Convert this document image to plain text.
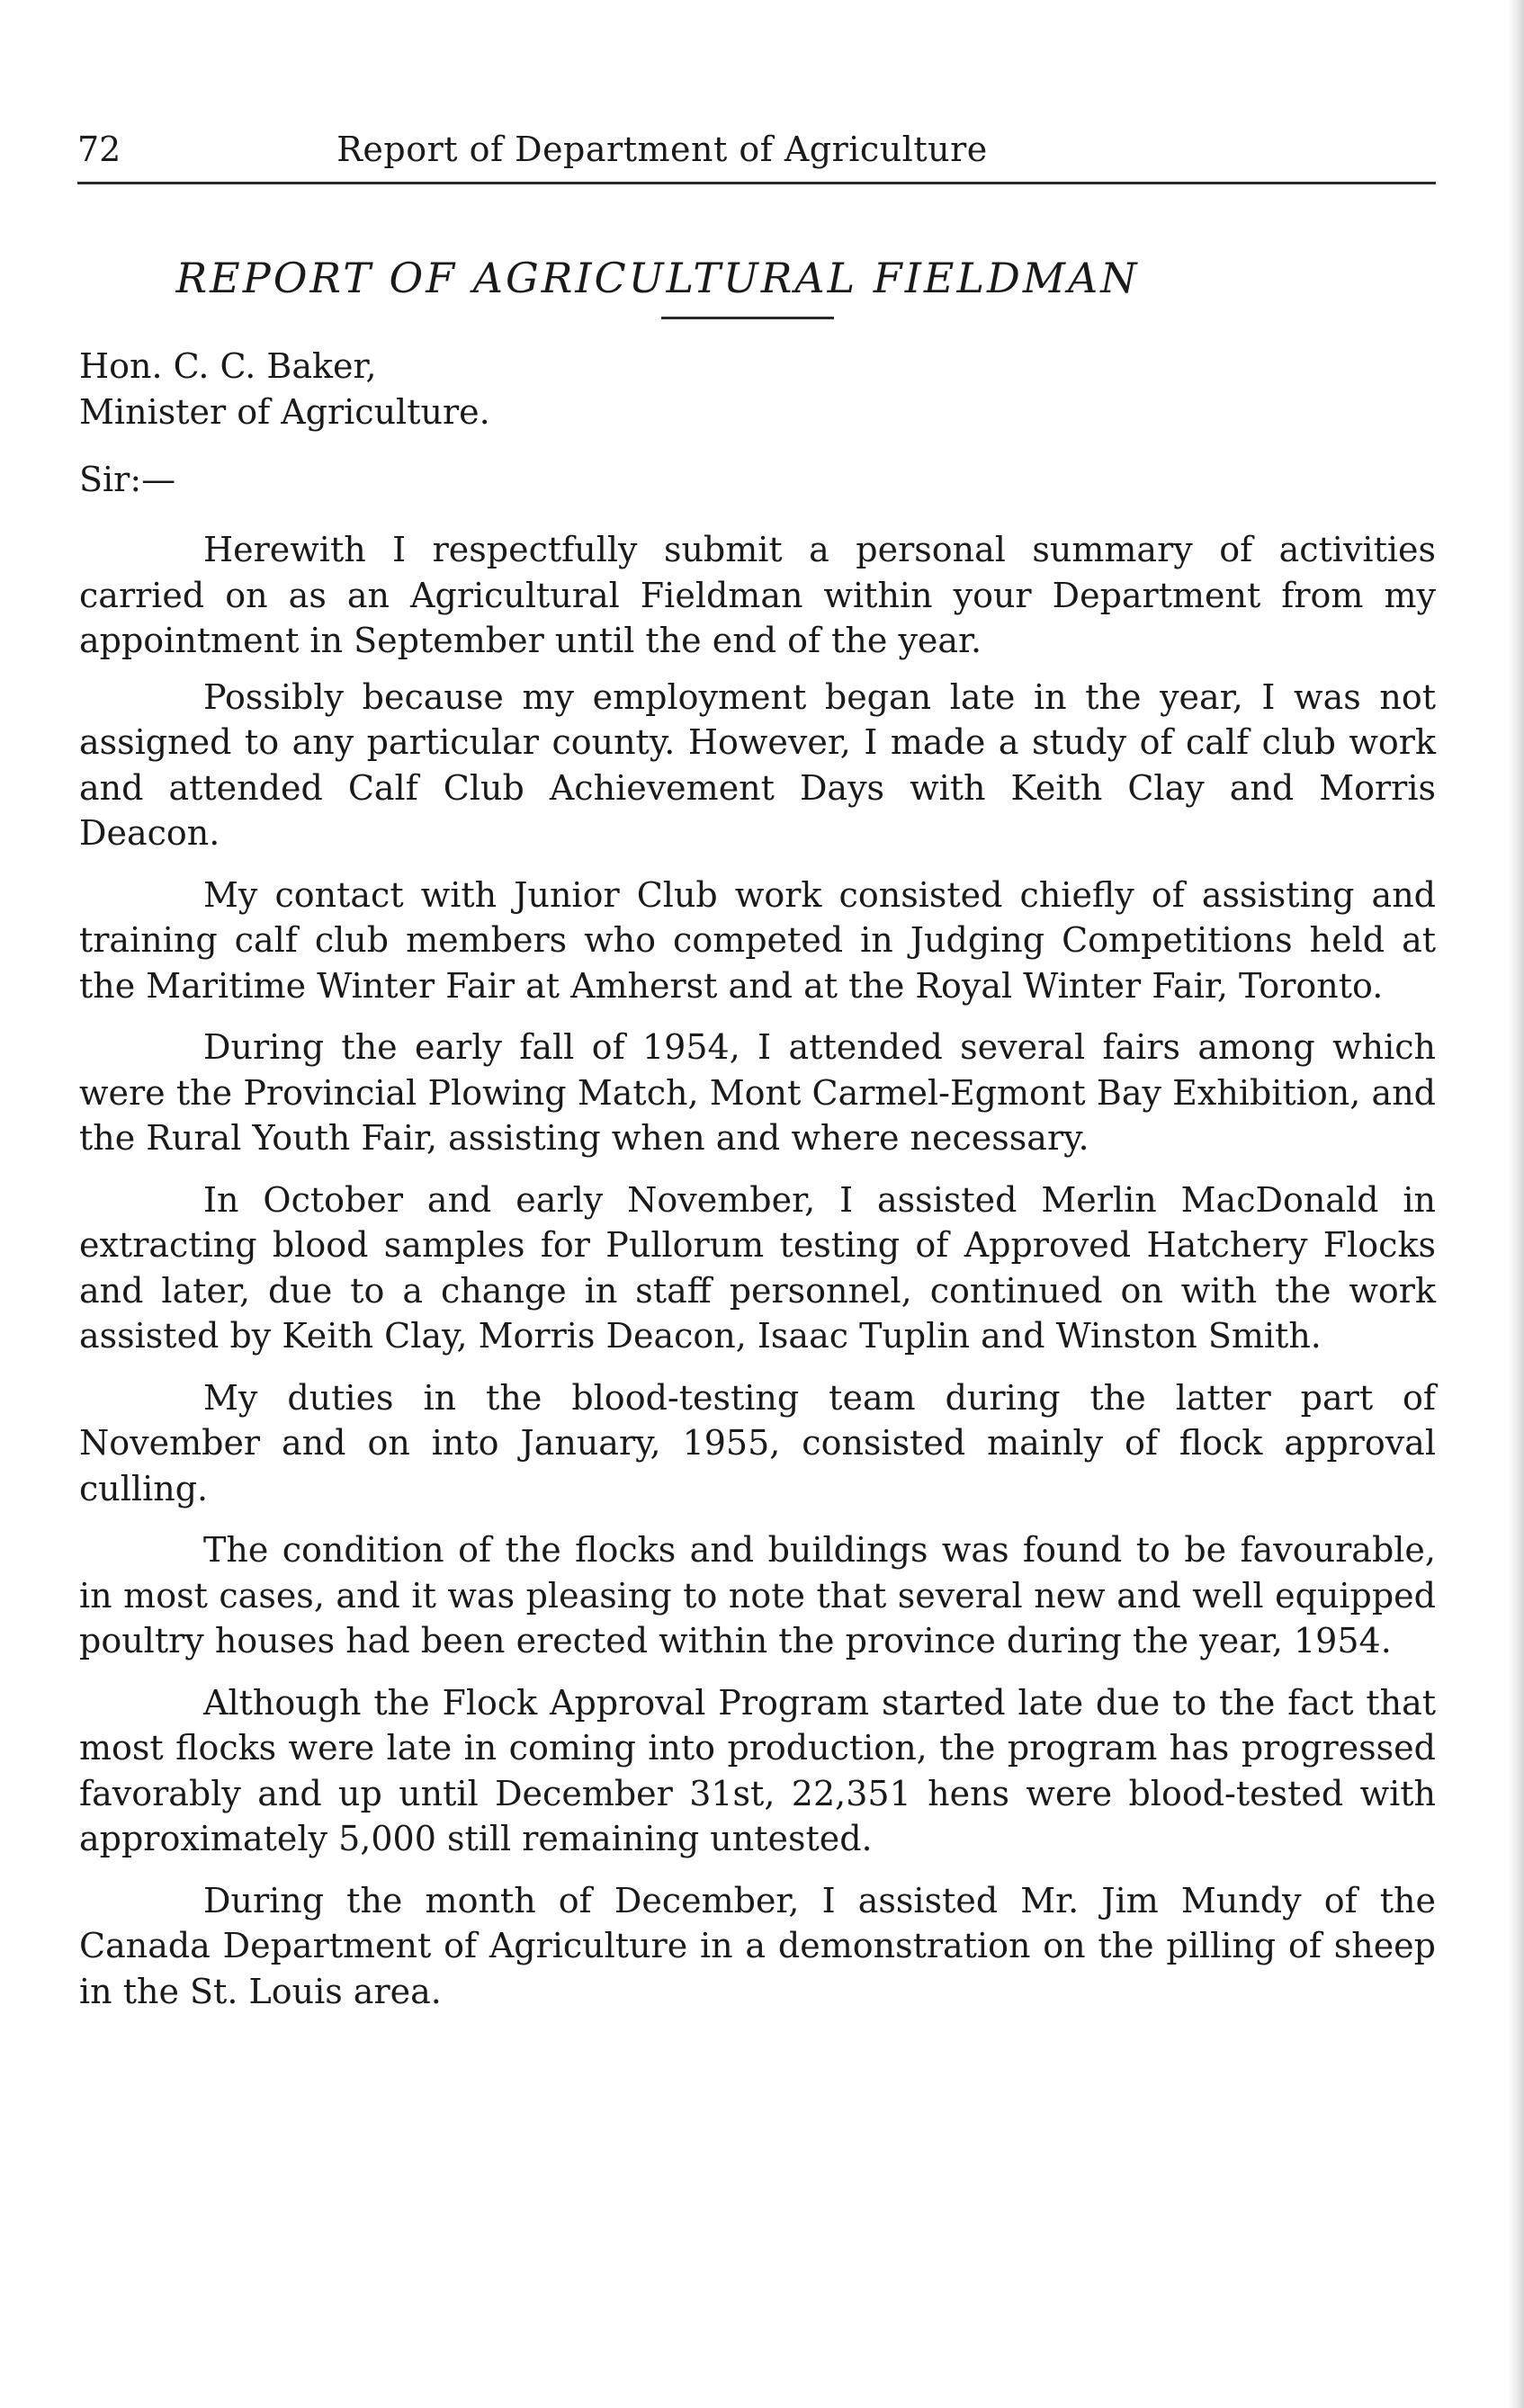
72	Report of Department of Agriculture
REPORT OF AGRICULTURAL FIELDMAN
Hon. C. C. Baker,
Minister of Agriculture.
Sir:—

Herewith I respectfully submit a personal summary of activities carried on as an Agricultural Fieldman within your Department from my appointment in September until the end of the year.

Possibly because my employment began late in the year, I was not assigned to any particular county. However, I made a study of calf club work and attended Calf Club Achievement Days with Keith Clay and Morris Deacon.

My contact with Junior Club work consisted chiefly of assisting and training calf club members who competed in Judging Competitions held at the Maritime Winter Fair at Amherst and at the Royal Winter Fair, Toronto.

During the early fall of 1954, I attended several fairs among which were the Provincial Plowing Match, Mont Carmel-Egmont Bay Exhibition, and the Rural Youth Fair, assisting when and where necessary.

In October and early November, I assisted Merlin MacDonald in extracting blood samples for Pullorum testing of Approved Hatchery Flocks and later, due to a change in staff personnel, continued on with the work assisted by Keith Clay, Morris Deacon, Isaac Tuplin and Winston Smith.

My duties in the blood-testing team during the latter part of November and on into January, 1955, consisted mainly of flock approval culling.

The condition of the flocks and buildings was found to be favourable, in most cases, and it was pleasing to note that several new and well equipped poultry houses had been erected within the province during the year, 1954.

Although the Flock Approval Program started late due to the fact that most flocks were late in coming into production, the program has progressed favorably and up until December 31st, 22,351 hens were blood-tested with approximately 5,000 still remaining untested.

During the month of December, I assisted Mr. Jim Mundy of the Canada Department of Agriculture in a demonstration on the pilling of sheep in the St. Louis area.
